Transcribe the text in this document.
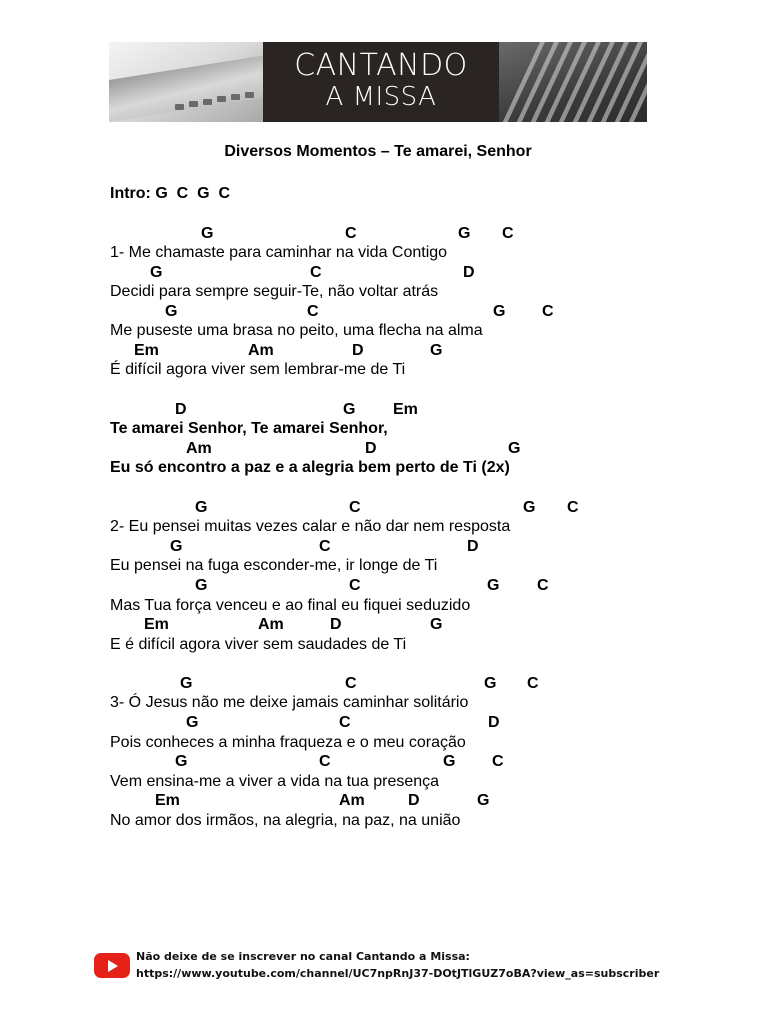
CANTANDO
A MISSA
Diversos Momentos – Te amarei, Senhor
Intro: G  C  G  C
G	C	G C
1- Me chamaste para caminhar na vida Contigo
G	C	D
Decidi para sempre seguir-Te, não voltar atrás
G	C	G C
Me puseste uma brasa no peito, uma flecha na alma
Em	Am	D	G
É difícil agora viver sem lembrar-me de Ti
D	G Em
Te amarei Senhor, Te amarei Senhor,
Am	D	G
Eu só encontro a paz e a alegria bem perto de Ti (2x)
G	C	G C
2- Eu pensei muitas vezes calar e não dar nem resposta
G	C	D
Eu pensei na fuga esconder-me, ir longe de Ti
G	C	G C
Mas Tua força venceu e ao final eu fiquei seduzido
Em	Am	D	G
E é difícil agora viver sem saudades de Ti
G	C	G C
3- Ó Jesus não me deixe jamais caminhar solitário
G	C	D
Pois conheces a minha fraqueza e o meu coração
G	C	G C
Vem ensina-me a viver a vida na tua presença
Em	Am	D	G
No amor dos irmãos, na alegria, na paz, na união
Não deixe de se inscrever no canal Cantando a Missa:
https://www.youtube.com/channel/UC7npRnJ37-DOtJTlGUZ7oBA?view_as=subscriber
